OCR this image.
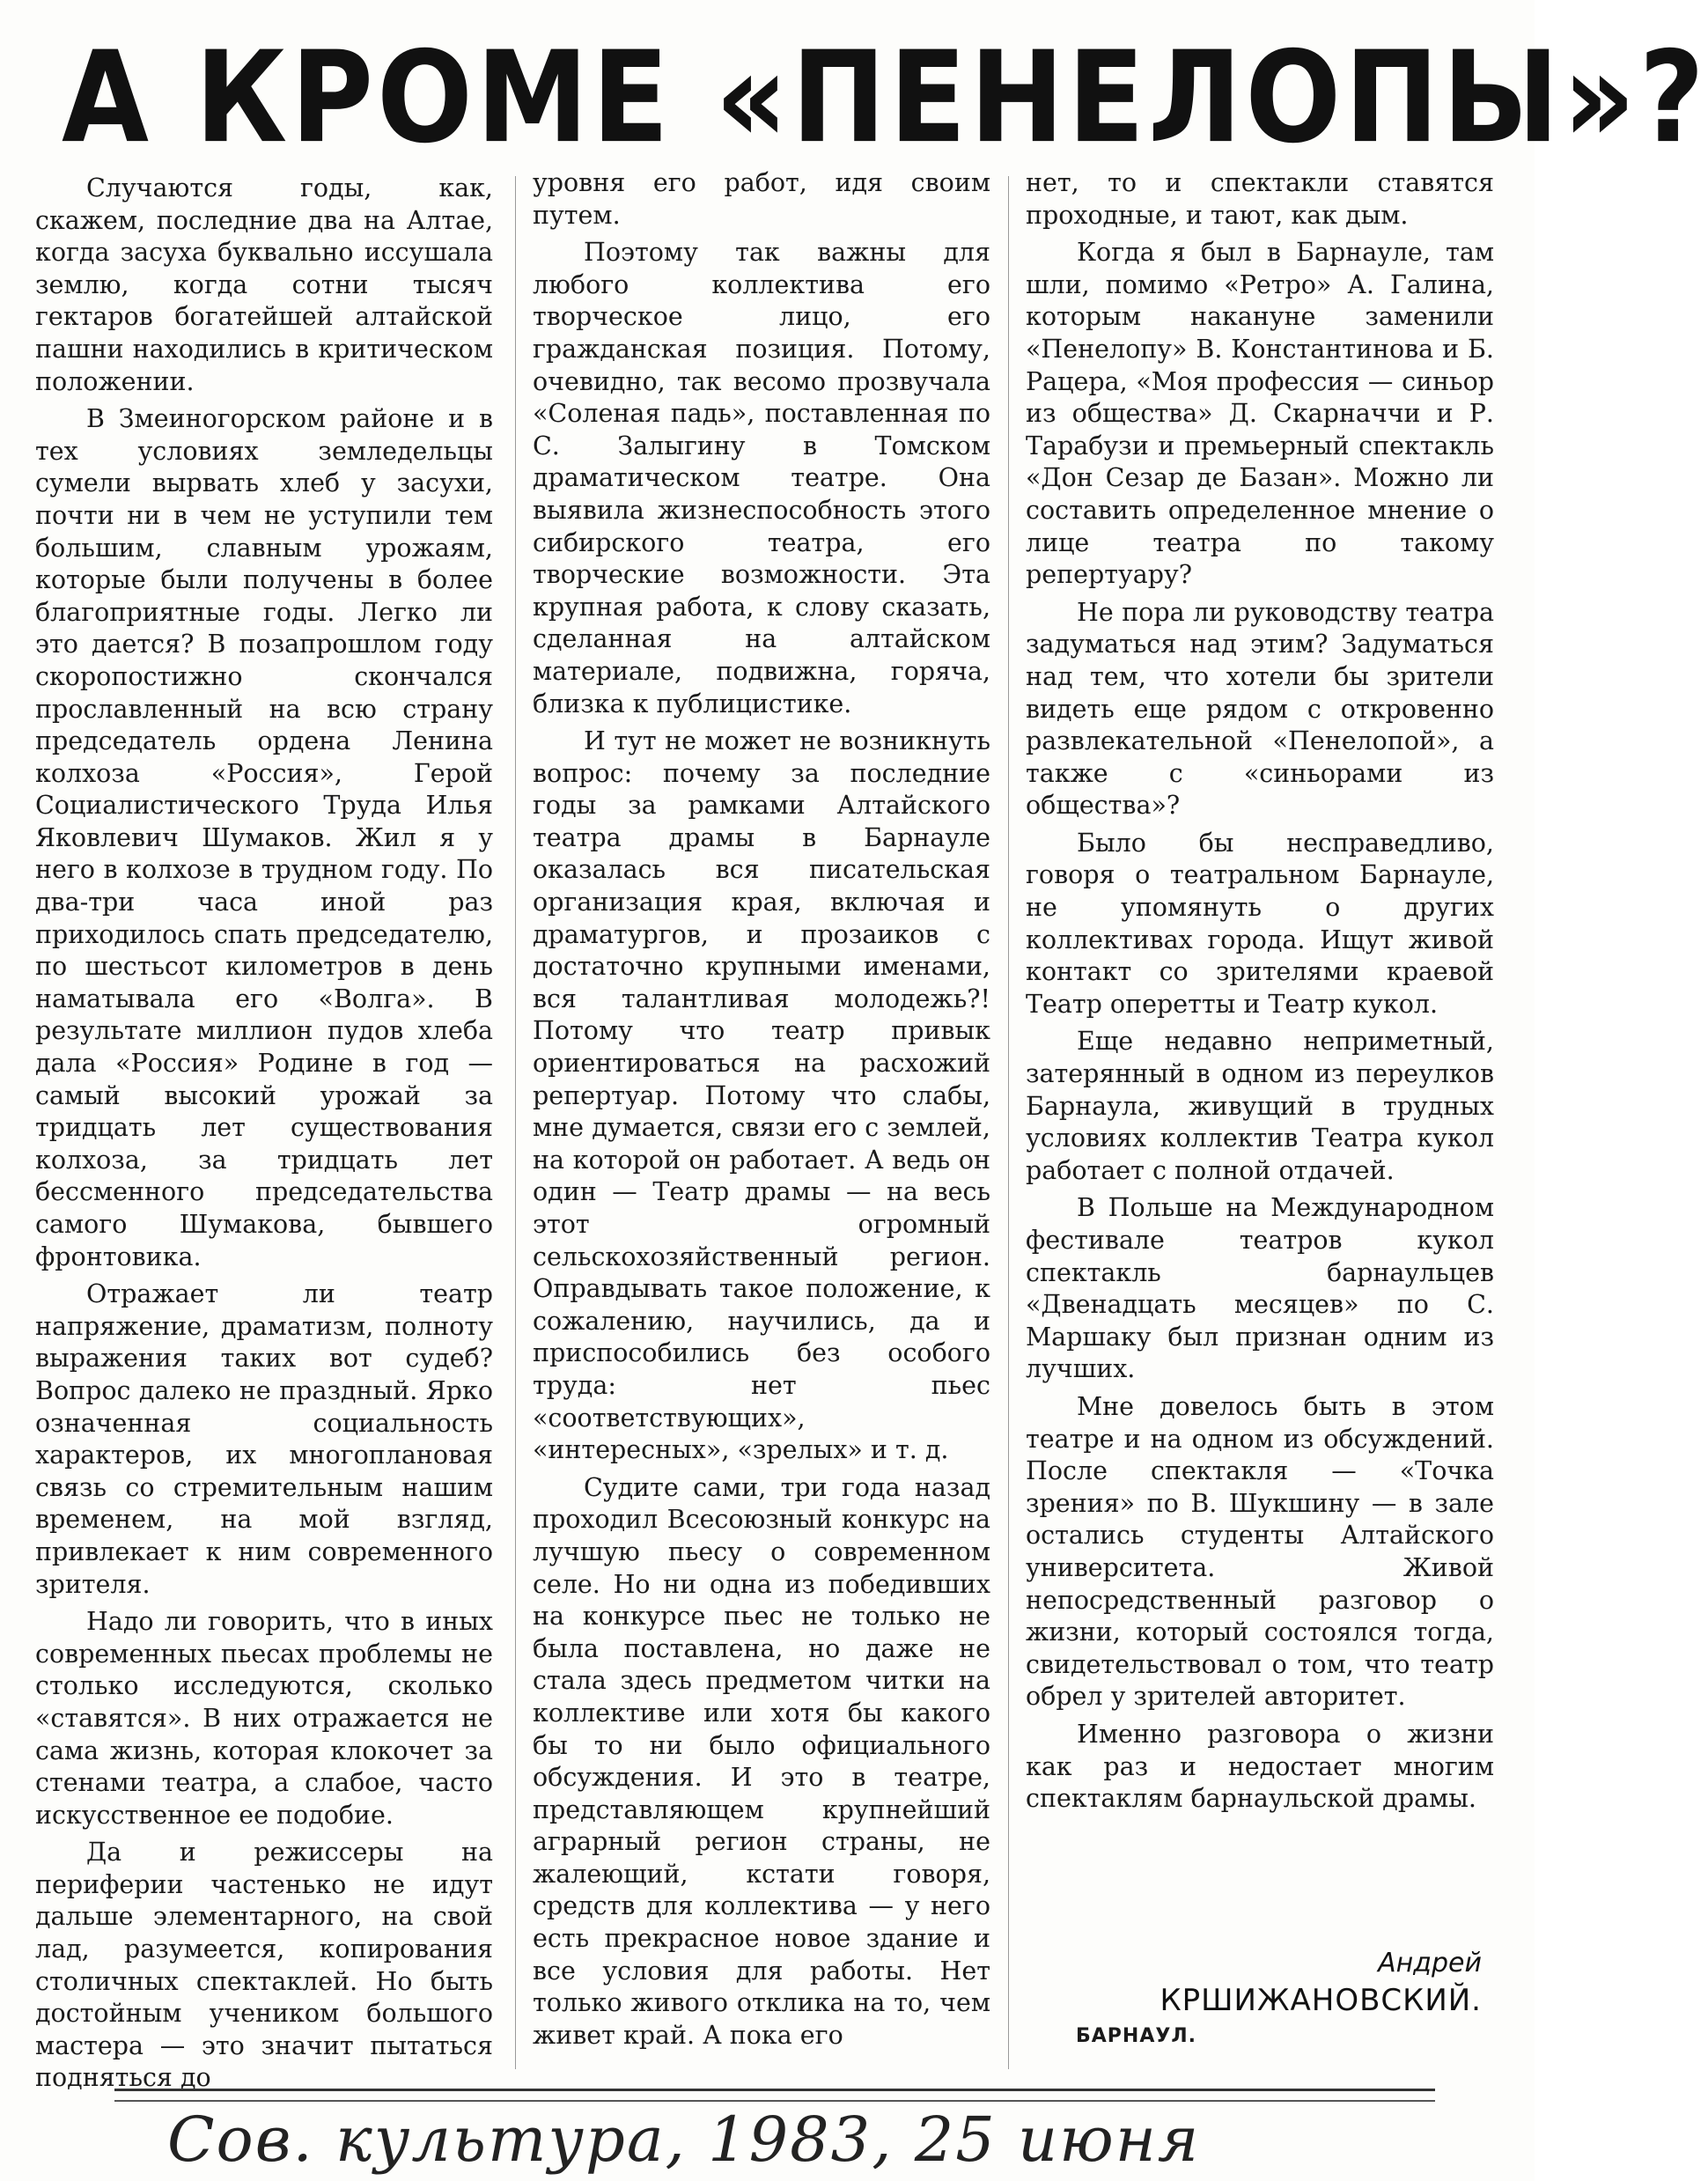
А КРОМЕ «ПЕНЕЛОПЫ»?

Случаются годы, как, скажем, последние два на Алтае, когда засуха буквально иссушала землю, когда сотни тысяч гектаров богатейшей алтайской пашни находились в критическом положении.

В Змеиногорском районе и в тех условиях земледельцы сумели вырвать хлеб у засухи, почти ни в чем не уступили тем большим, славным урожаям, которые были получены в более благоприятные годы. Легко ли это дается? В позапрошлом году скоропостижно скончался прославленный на всю страну председатель ордена Ленина колхоза «Россия», Герой Социалистического Труда Илья Яковлевич Шумаков. Жил я у него в колхозе в трудном году. По два-три часа иной раз приходилось спать председателю, по шестьсот километров в день наматывала его «Волга». В результате миллион пудов хлеба дала «Россия» Родине в год — самый высокий урожай за тридцать лет существования колхоза, за тридцать лет бессменного председательства самого Шумакова, бывшего фронтовика.

Отражает ли театр напряжение, драматизм, полноту выражения таких вот судеб? Вопрос далеко не праздный. Ярко означенная социальность характеров, их многоплановая связь со стремительным нашим временем, на мой взгляд, привлекает к ним современного зрителя.

Надо ли говорить, что в иных современных пьесах проблемы не столько исследуются, сколько «ставятся». В них отражается не сама жизнь, которая клокочет за стенами театра, а слабое, часто искусственное ее подобие.

Да и режиссеры на периферии частенько не идут дальше элементарного, на свой лад, разумеется, копирования столичных спектаклей. Но быть достойным учеником большого мастера — это значит пытаться подняться до

уровня его работ, идя своим путем.

Поэтому так важны для любого коллектива его творческое лицо, его гражданская позиция. Потому, очевидно, так весомо прозвучала «Соленая падь», поставленная по С. Залыгину в Томском драматическом театре. Она выявила жизнеспособность этого сибирского театра, его творческие возможности. Эта крупная работа, к слову сказать, сделанная на алтайском материале, подвижна, горяча, близка к публицистике.

И тут не может не возникнуть вопрос: почему за последние годы за рамками Алтайского театра драмы в Барнауле оказалась вся писательская организация края, включая и драматургов, и прозаиков с достаточно крупными именами, вся талантливая молодежь?! Потому что театр привык ориентироваться на расхожий репертуар. Потому что слабы, мне думается, связи его с землей, на которой он работает. А ведь он один — Театр драмы — на весь этот огромный сельскохозяйственный регион. Оправдывать такое положение, к сожалению, научились, да и приспособились без особого труда: нет пьес «соответствующих», «интересных», «зрелых» и т. д.

Судите сами, три года назад проходил Всесоюзный конкурс на лучшую пьесу о современном селе. Но ни одна из победивших на конкурсе пьес не только не была поставлена, но даже не стала здесь предметом читки на коллективе или хотя бы какого бы то ни было официального обсуждения. И это в театре, представляющем крупнейший аграрный регион страны, не жалеющий, кстати говоря, средств для коллектива — у него есть прекрасное новое здание и все условия для работы. Нет только живого отклика на то, чем живет край. А пока его

нет, то и спектакли ставятся проходные, и тают, как дым.

Когда я был в Барнауле, там шли, помимо «Ретро» А. Галина, которым накануне заменили «Пенелопу» В. Константинова и Б. Рацера, «Моя профессия — синьор из общества» Д. Скарначчи и Р. Тарабузи и премьерный спектакль «Дон Сезар де Базан». Можно ли составить определенное мнение о лице театра по такому репертуару?

Не пора ли руководству театра задуматься над этим? Задуматься над тем, что хотели бы зрители видеть еще рядом с откровенно развлекательной «Пенелопой», а также с «синьорами из общества»?

Было бы несправедливо, говоря о театральном Барнауле, не упомянуть о других коллективах города. Ищут живой контакт со зрителями краевой Театр оперетты и Театр кукол.

Еще недавно неприметный, затерянный в одном из переулков Барнаула, живущий в трудных условиях коллектив Театра кукол работает с полной отдачей.

В Польше на Международном фестивале театров кукол спектакль барнаульцев «Двенадцать месяцев» по С. Маршаку был признан одним из лучших.

Мне довелось быть в этом театре и на одном из обсуждений. После спектакля — «Точка зрения» по В. Шукшину — в зале остались студенты Алтайского университета. Живой непосредственный разговор о жизни, который состоялся тогда, свидетельствовал о том, что театр обрел у зрителей авторитет.

Именно разговора о жизни как раз и недостает многим спектаклям барнаульской драмы.

Андрей
КРШИЖАНОВСКИЙ.
БАРНАУЛ.
Сов. культура, 1983, 25 июня
